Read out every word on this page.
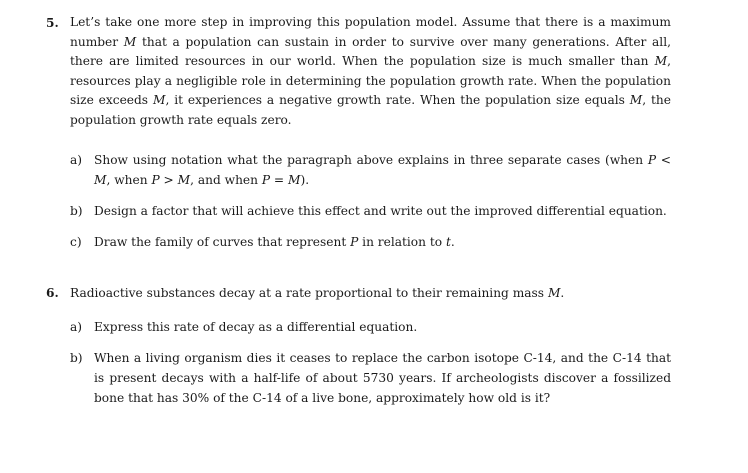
5. Let’s take one more step in improving this population model. Assume that there is a maximum number M that a population can sustain in order to survive over many generations. After all, there are limited resources in our world. When the population size is much smaller than M, resources play a negligible role in determining the population growth rate. When the population size exceeds M, it experiences a negative growth rate. When the population size equals M, the population growth rate equals zero.
a) Show using notation what the paragraph above explains in three separate cases (when P < M, when P > M, and when P = M).
b) Design a factor that will achieve this effect and write out the improved differential equation.
c) Draw the family of curves that represent P in relation to t.
6. Radioactive substances decay at a rate proportional to their remaining mass M.
a) Express this rate of decay as a differential equation.
b) When a living organism dies it ceases to replace the carbon isotope C-14, and the C-14 that is present decays with a half-life of about 5730 years. If archeologists discover a fossilized bone that has 30% of the C-14 of a live bone, approximately how old is it?
